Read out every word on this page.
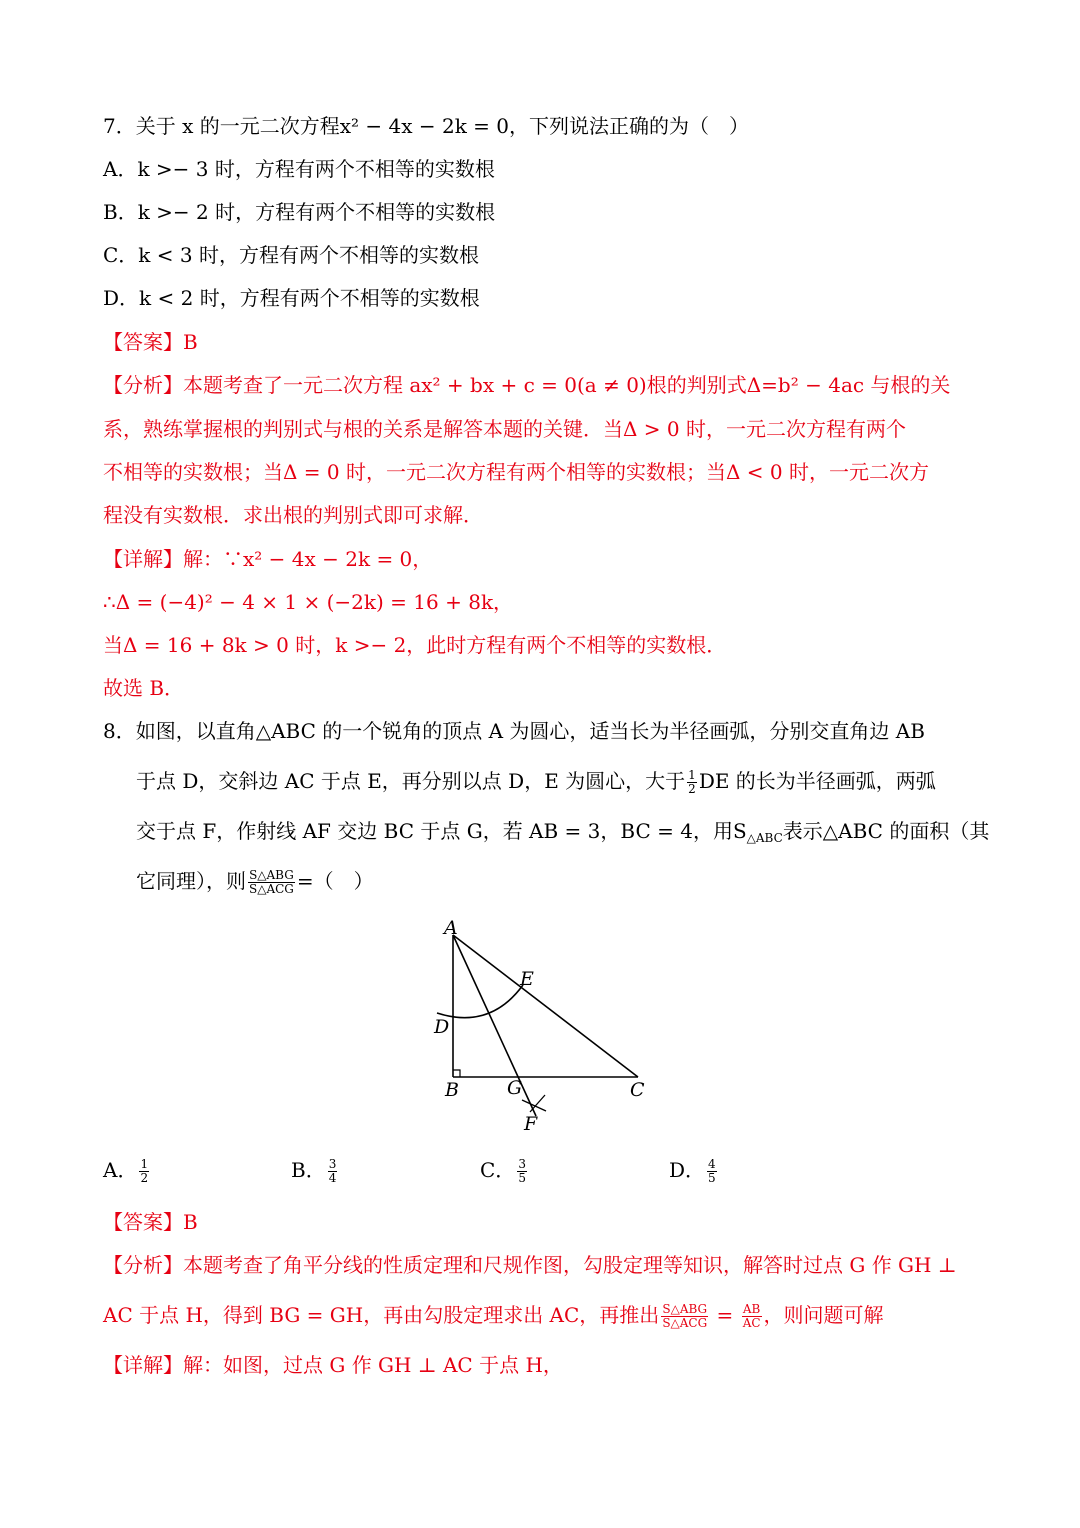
7．关于 x 的一元二次方程x² − 4x − 2k = 0，下列说法正确的为（　）
A．k >− 3 时，方程有两个不相等的实数根
B．k >− 2 时，方程有两个不相等的实数根
C．k < 3 时，方程有两个不相等的实数根
D．k < 2 时，方程有两个不相等的实数根
【答案】B
【分析】本题考查了一元二次方程 ax² + bx + c = 0(a ≠ 0)根的判别式Δ=b² − 4ac 与根的关
系，熟练掌握根的判别式与根的关系是解答本题的关键．当Δ > 0 时，一元二次方程有两个
不相等的实数根；当Δ = 0 时，一元二次方程有两个相等的实数根；当Δ < 0 时，一元二次方
程没有实数根．求出根的判别式即可求解．
【详解】解：∵x² − 4x − 2k = 0，
∴Δ = (−4)² − 4 × 1 × (−2k) = 16 + 8k，
当Δ = 16 + 8k > 0 时，k >− 2，此时方程有两个不相等的实数根．
故选 B．
8．如图，以直角△ABC 的一个锐角的顶点 A 为圆心，适当长为半径画弧，分别交直角边 AB
于点 D，交斜边 AC 于点 E，再分别以点 D，E 为圆心，大于 $\frac{1}{2}$ DE 的长为半径画弧，两弧
交于点 F，作射线 AF 交边 BC 于点 G，若 AB = 3，BC = 4，用$S_{\triangle ABC}$表示△ABC 的面积（其
它同理），则 $\frac{\text{S△ABG}}{\text{S△ACG}}$ =（　）
A
E
D
B	G	C
F
A． $\frac{1}{2}$	B． $\frac{3}{4}$	C． $\frac{3}{5}$	D． $\frac{4}{5}$
【答案】B
【分析】本题考查了角平分线的性质定理和尺规作图，勾股定理等知识，解答时过点 G 作 GH ⊥
AC 于点 H，得到 BG = GH，再由勾股定理求出 AC，再推出 $\frac{\text{S△ABG}}{\text{S△ACG}} = \frac{AB}{AC}$ ，则问题可解
【详解】解：如图，过点 G 作 GH ⊥ AC 于点 H，
